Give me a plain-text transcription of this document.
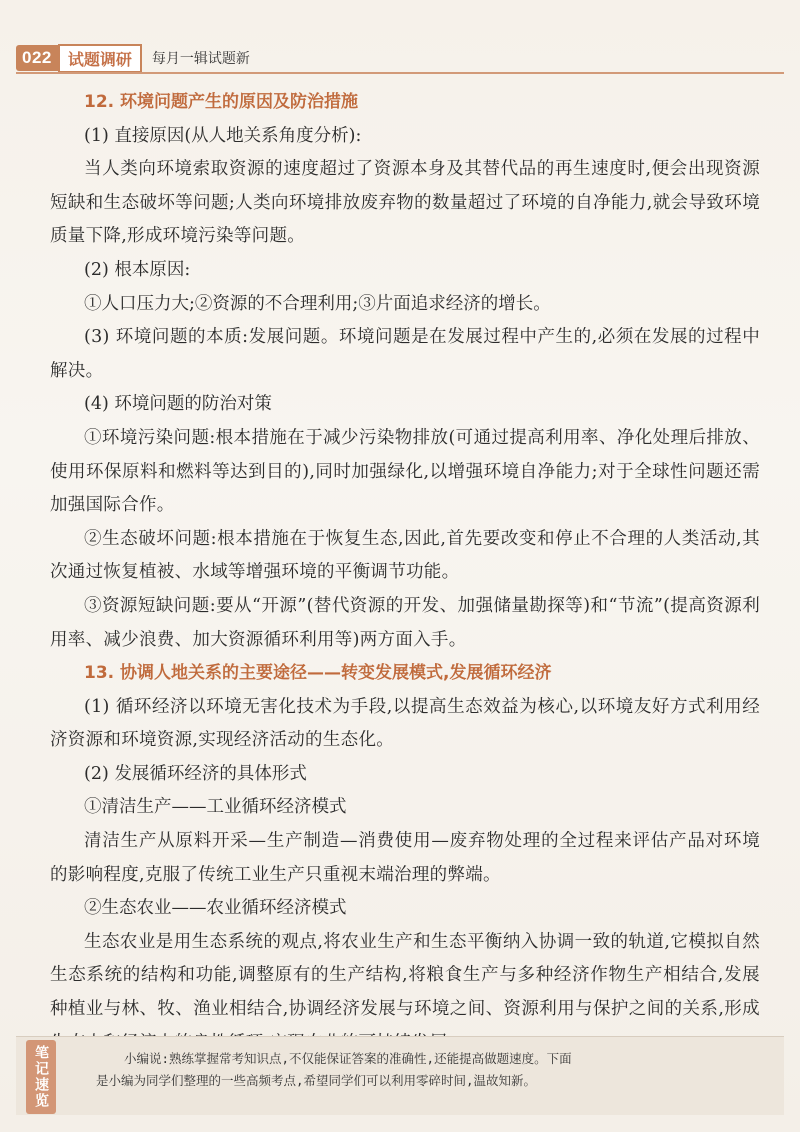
022	试题调研	每月一辑试题新

12. 环境问题产生的原因及防治措施

(1) 直接原因(从人地关系角度分析):

当人类向环境索取资源的速度超过了资源本身及其替代品的再生速度时,便会出现资源短缺和生态破坏等问题;人类向环境排放废弃物的数量超过了环境的自净能力,就会导致环境质量下降,形成环境污染等问题。

(2) 根本原因:

①人口压力大;②资源的不合理利用;③片面追求经济的增长。

(3) 环境问题的本质:发展问题。环境问题是在发展过程中产生的,必须在发展的过程中解决。

(4) 环境问题的防治对策

①环境污染问题:根本措施在于减少污染物排放(可通过提高利用率、净化处理后排放、使用环保原料和燃料等达到目的),同时加强绿化,以增强环境自净能力;对于全球性问题还需加强国际合作。

②生态破坏问题:根本措施在于恢复生态,因此,首先要改变和停止不合理的人类活动,其次通过恢复植被、水域等增强环境的平衡调节功能。

③资源短缺问题:要从“开源”(替代资源的开发、加强储量勘探等)和“节流”(提高资源利用率、减少浪费、加大资源循环利用等)两方面入手。

13. 协调人地关系的主要途径——转变发展模式,发展循环经济

(1) 循环经济以环境无害化技术为手段,以提高生态效益为核心,以环境友好方式利用经济资源和环境资源,实现经济活动的生态化。

(2) 发展循环经济的具体形式

①清洁生产——工业循环经济模式

清洁生产从原料开采—生产制造—消费使用—废弃物处理的全过程来评估产品对环境的影响程度,克服了传统工业生产只重视末端治理的弊端。

②生态农业——农业循环经济模式

生态农业是用生态系统的观点,将农业生产和生态平衡纳入协调一致的轨道,它模拟自然生态系统的结构和功能,调整原有的生产结构,将粮食生产与多种经济作物生产相结合,发展种植业与林、牧、渔业相结合,协调经济发展与环境之间、资源利用与保护之间的关系,形成

笔记速览	小编说:熟练掌握常考知识点,不仅能保证答案的准确性,还能提高做题速度。下面

是小编为同学们整理的一些高频考点,希望同学们可以利用零碎时间,温故知新。
